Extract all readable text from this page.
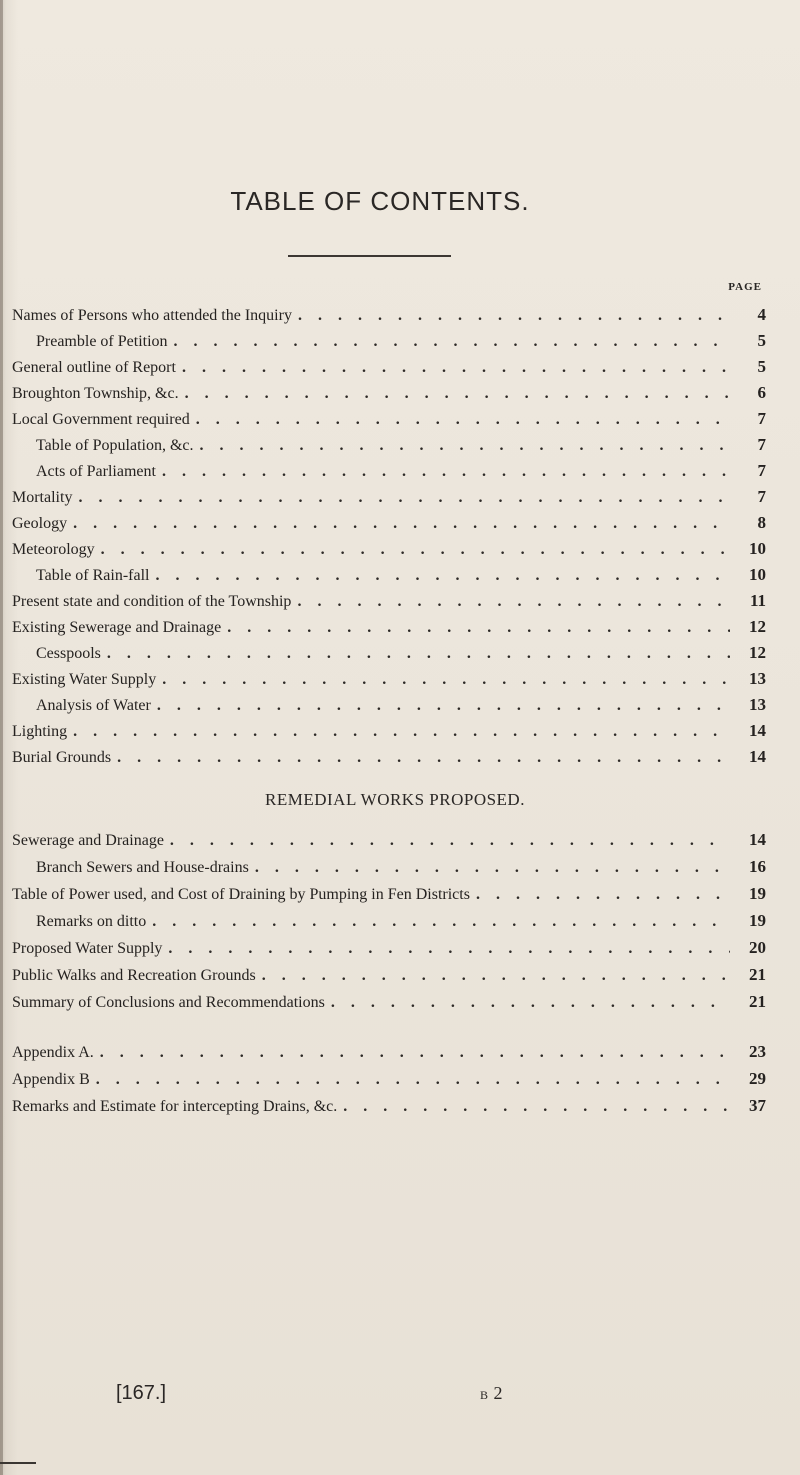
TABLE OF CONTENTS.
PAGE
Names of Persons who attended the Inquiry . . .	4
Preamble of Petition . . .	5
General outline of Report . . .	5
Broughton Township, &c. . . .	6
Local Government required . . .	7
Table of Population, &c. . . .	7
Acts of Parliament . . .	7
Mortality . . .	7
Geology . . .	8
Meteorology . . .	10
Table of Rain-fall . . .	10
Present state and condition of the Township . . .	11
Existing Sewerage and Drainage . . .	12
Cesspools . . .	12
Existing Water Supply . . .	13
Analysis of Water . . .	13
Lighting . . .	14
Burial Grounds . . .	14
REMEDIAL WORKS PROPOSED.
Sewerage and Drainage . . .	14
Branch Sewers and House-drains . . .	16
Table of Power used, and Cost of Draining by Pumping in Fen Districts . . .	19
Remarks on ditto . . .	19
Proposed Water Supply . . .	20
Public Walks and Recreation Grounds . . .	21
Summary of Conclusions and Recommendations . . .	21
Appendix A. . . .	23
Appendix B . . .	29
Remarks and Estimate for intercepting Drains, &c. . . .	37
[167.]	B 2
